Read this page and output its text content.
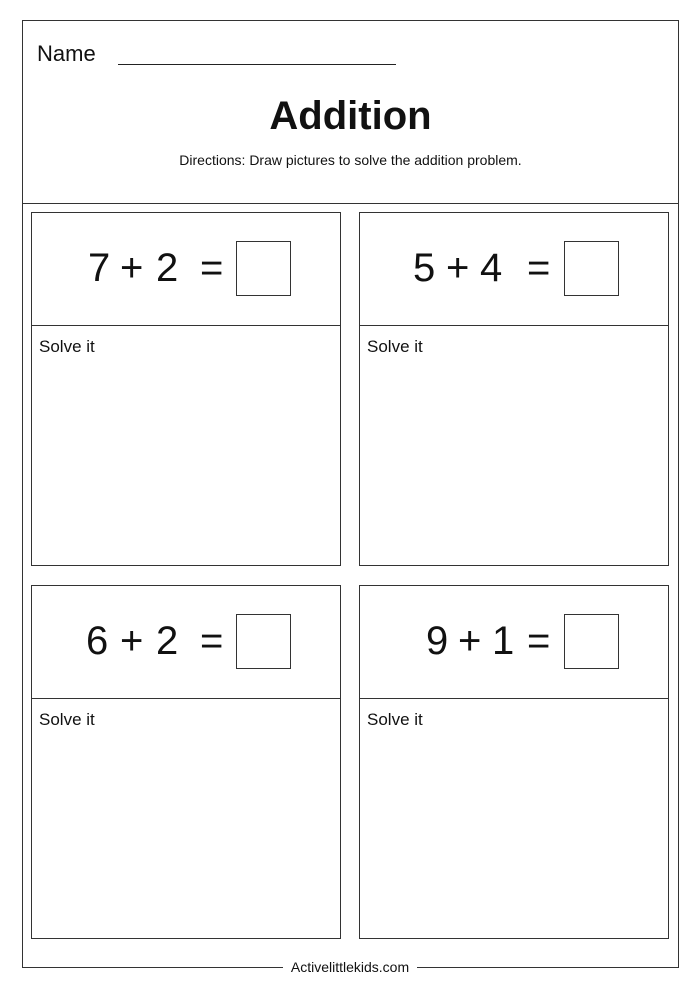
Name
Addition
Directions: Draw pictures to solve the addition problem.
7 + 2 =
Solve it
5 + 4 =
Solve it
6 + 2 =
Solve it
9 + 1 =
Solve it
Activelittlekids.com
